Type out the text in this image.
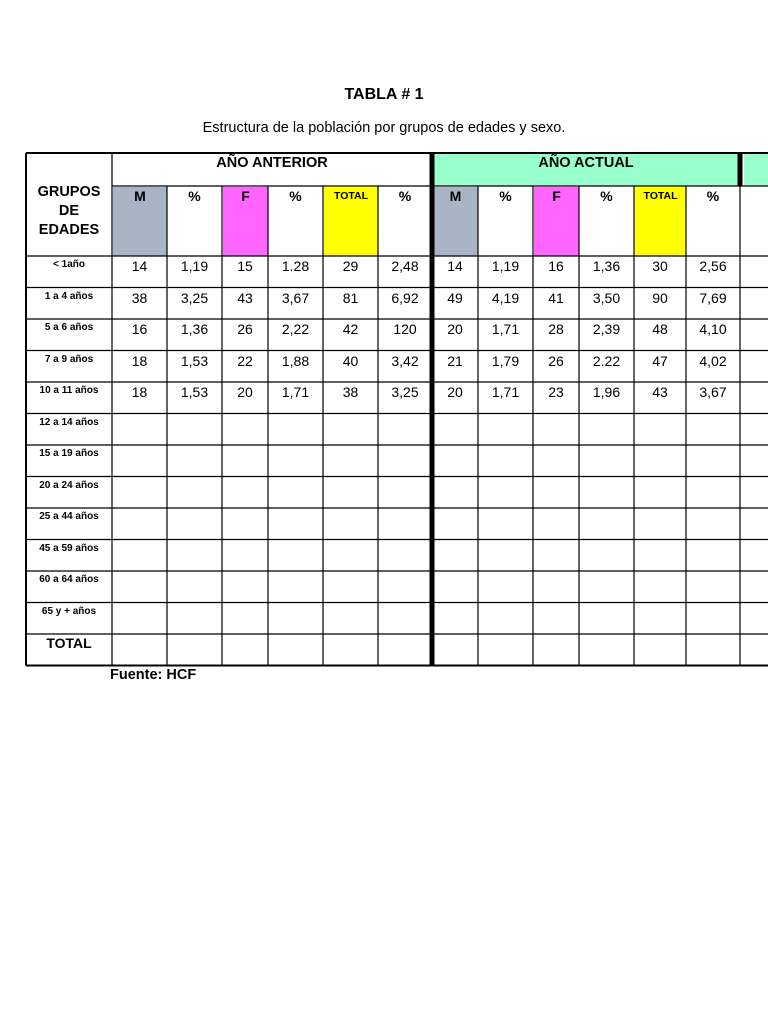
TABLA # 1
Estructura de la población por grupos de edades y sexo.
AÑO ANTERIOR	AÑO ACTUAL
GRUPOS
DE
EDADES
M	%	F	%	TOTAL	%	M	%	F	%	TOTAL	%
< 1año	14	1,19	15	1.28	29	2,48	14	1,19	16	1,36	30	2,56
1 a 4 años	38	3,25	43	3,67	81	6,92	49	4,19	41	3,50	90	7,69
5 a 6 años	16	1,36	26	2,22	42	120	20	1,71	28	2,39	48	4,10
7 a 9 años	18	1,53	22	1,88	40	3,42	21	1,79	26	2.22	47	4,02
10 a 11 años	18	1,53	20	1,71	38	3,25	20	1,71	23	1,96	43	3,67
12 a 14 años
15 a 19 años
20 a 24 años
25 a 44 años
45 a 59 años
60 a 64 años
65 y + años
TOTAL
Fuente: HCF
